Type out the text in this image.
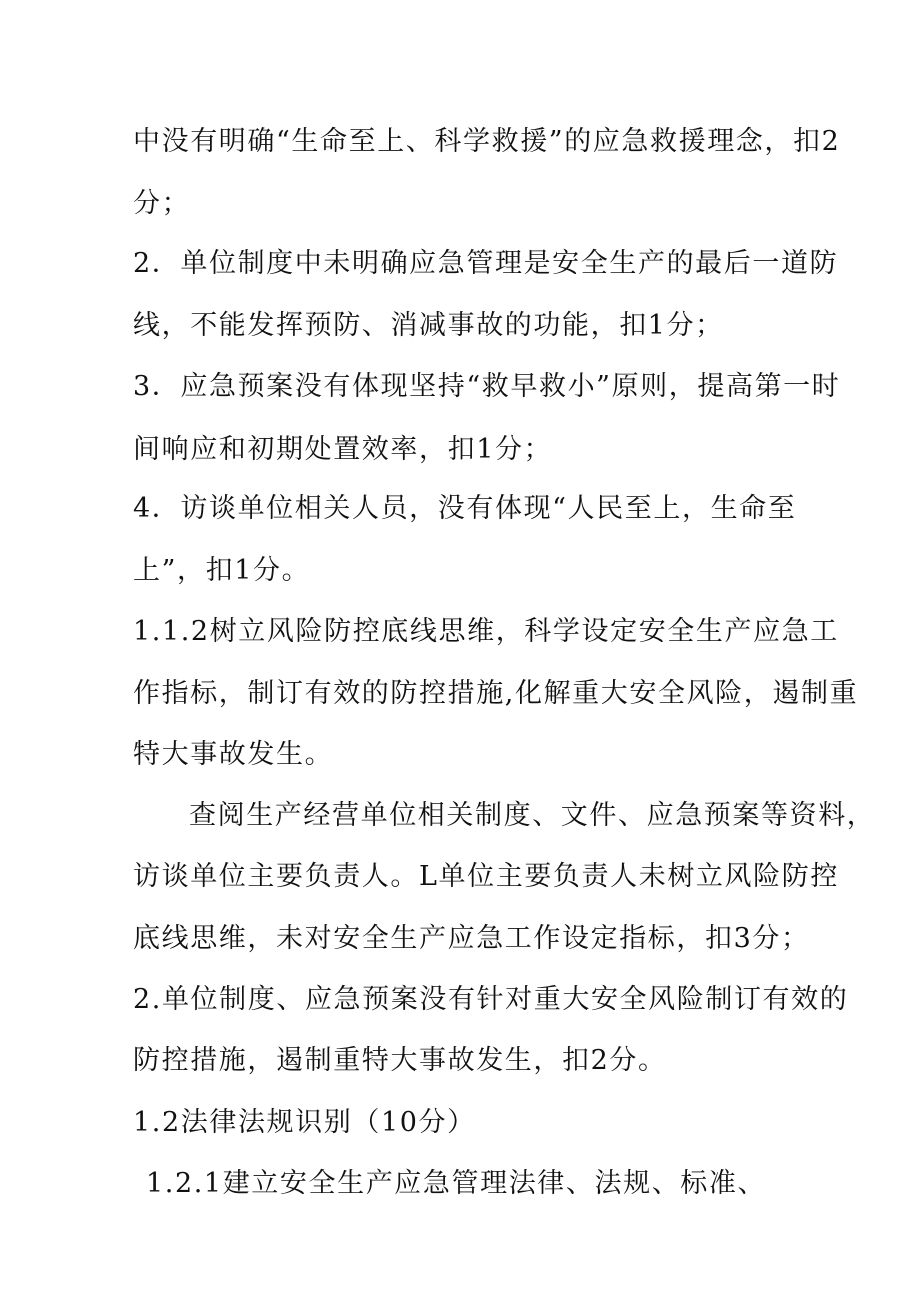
中没有明确“生命至上、科学救援”的应急救援理念，扣2
分；
2．单位制度中未明确应急管理是安全生产的最后一道防
线，不能发挥预防、消减事故的功能，扣1分；
3．应急预案没有体现坚持“救早救小”原则，提高第一时
间响应和初期处置效率，扣1分；
4．访谈单位相关人员，没有体现“人民至上，生命至
上”，扣1分。
1.1.2树立风险防控底线思维，科学设定安全生产应急工
作指标，制订有效的防控措施,化解重大安全风险，遏制重
特大事故发生。
查阅生产经营单位相关制度、文件、应急预案等资料，
访谈单位主要负责人。L单位主要负责人未树立风险防控
底线思维，未对安全生产应急工作设定指标，扣3分；
2.单位制度、应急预案没有针对重大安全风险制订有效的
防控措施，遏制重特大事故发生，扣2分。
1.2法律法规识别（10分）
1.2.1建立安全生产应急管理法律、法规、标准、
